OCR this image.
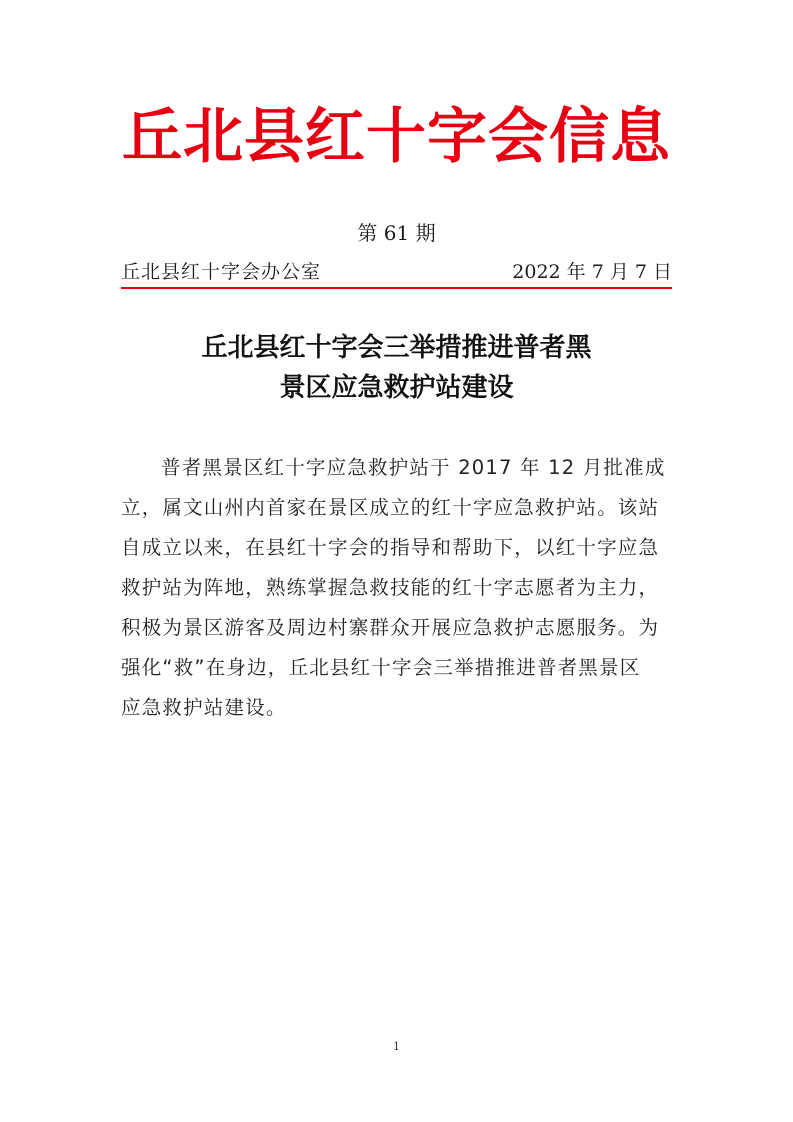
丘北县红十字会信息
第 61 期
丘北县红十字会办公室	2022 年 7 月 7 日
丘北县红十字会三举措推进普者黑
景区应急救护站建设
普者黑景区红十字应急救护站于 2017 年 12 月批准成
立，属文山州内首家在景区成立的红十字应急救护站。该站
自成立以来，在县红十字会的指导和帮助下，以红十字应急
救护站为阵地，熟练掌握急救技能的红十字志愿者为主力，
积极为景区游客及周边村寨群众开展应急救护志愿服务。为
强化“救”在身边，丘北县红十字会三举措推进普者黑景区
应急救护站建设。
1
